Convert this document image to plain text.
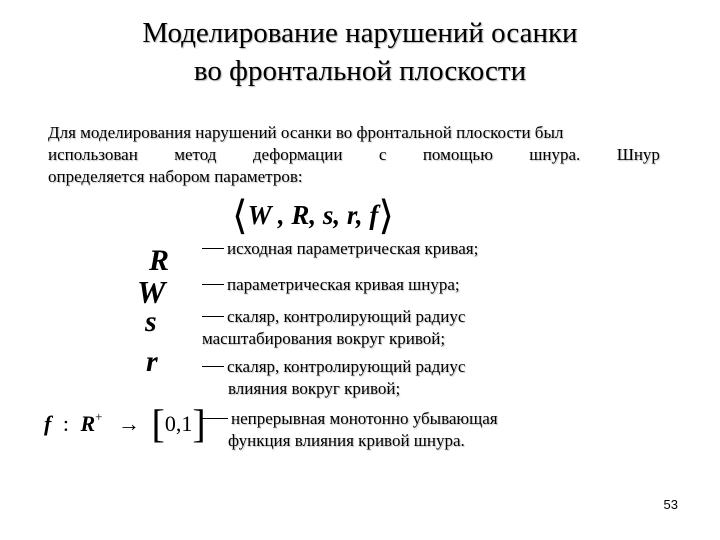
Моделирование нарушений осанки
во фронтальной плоскости
Для моделирования нарушений осанки во фронтальной плоскости был
использован метод деформации с помощью шнура. Шнур
определяется набором параметров:
⟨W , R, s, r, f⟩
R
W
s
r
исходная параметрическая кривая;
параметрическая кривая шнура;
скаляр, контролирующий радиус
масштабирования вокруг кривой;
скаляр, контролирующий радиус
влияния вокруг кривой;
непрерывная монотонно убывающая
функция влияния кривой шнура.
f : R+ → [0,1]
53
